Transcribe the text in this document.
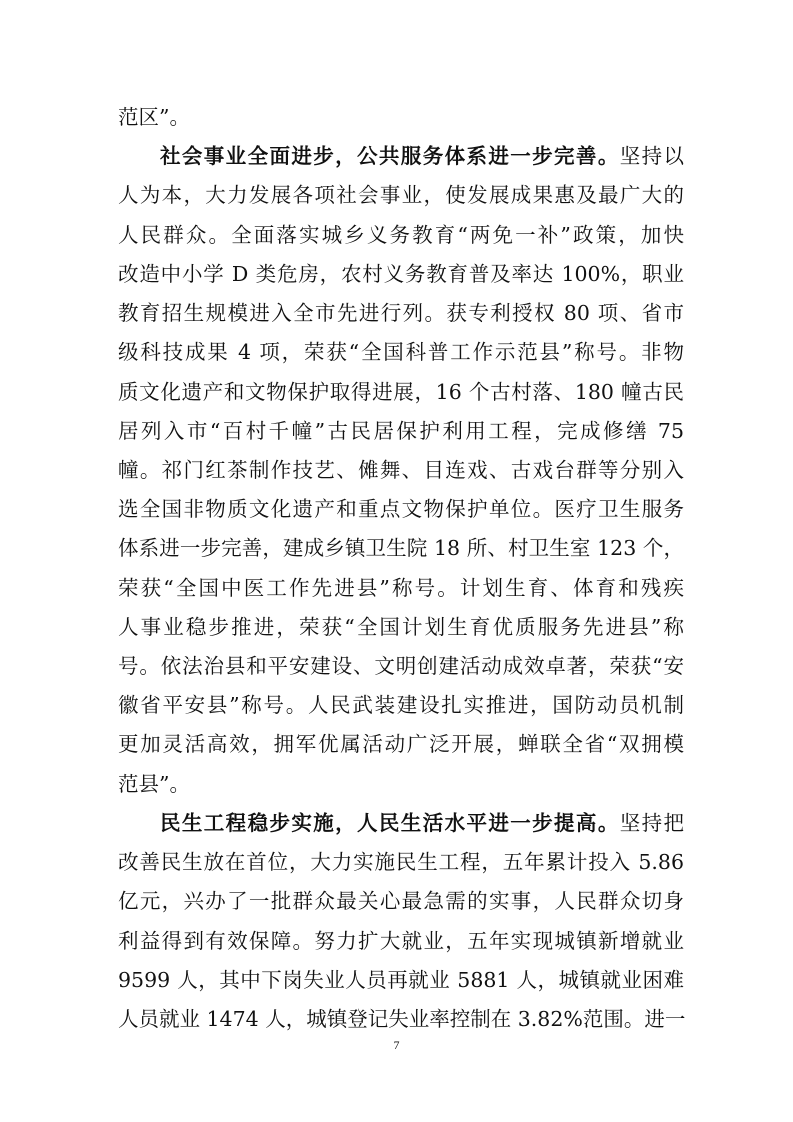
范区”。
社会事业全面进步，公共服务体系进一步完善。坚持以
人为本，大力发展各项社会事业，使发展成果惠及最广大的
人民群众。全面落实城乡义务教育“两免一补”政策，加快
改造中小学 D 类危房，农村义务教育普及率达 100%，职业
教育招生规模进入全市先进行列。获专利授权 80 项、省市
级科技成果 4 项，荣获“全国科普工作示范县”称号。非物
质文化遗产和文物保护取得进展，16 个古村落、180 幢古民
居列入市“百村千幢”古民居保护利用工程，完成修缮 75
幢。祁门红茶制作技艺、傩舞、目连戏、古戏台群等分别入
选全国非物质文化遗产和重点文物保护单位。医疗卫生服务
体系进一步完善，建成乡镇卫生院 18 所、村卫生室 123 个，
荣获“全国中医工作先进县”称号。计划生育、体育和残疾
人事业稳步推进，荣获“全国计划生育优质服务先进县”称
号。依法治县和平安建设、文明创建活动成效卓著，荣获“安
徽省平安县”称号。人民武装建设扎实推进，国防动员机制
更加灵活高效，拥军优属活动广泛开展，蝉联全省“双拥模
范县”。
民生工程稳步实施，人民生活水平进一步提高。坚持把
改善民生放在首位，大力实施民生工程，五年累计投入 5.86
亿元，兴办了一批群众最关心最急需的实事，人民群众切身
利益得到有效保障。努力扩大就业，五年实现城镇新增就业
9599 人，其中下岗失业人员再就业 5881 人，城镇就业困难
人员就业 1474 人，城镇登记失业率控制在 3.82%范围。进一
7
